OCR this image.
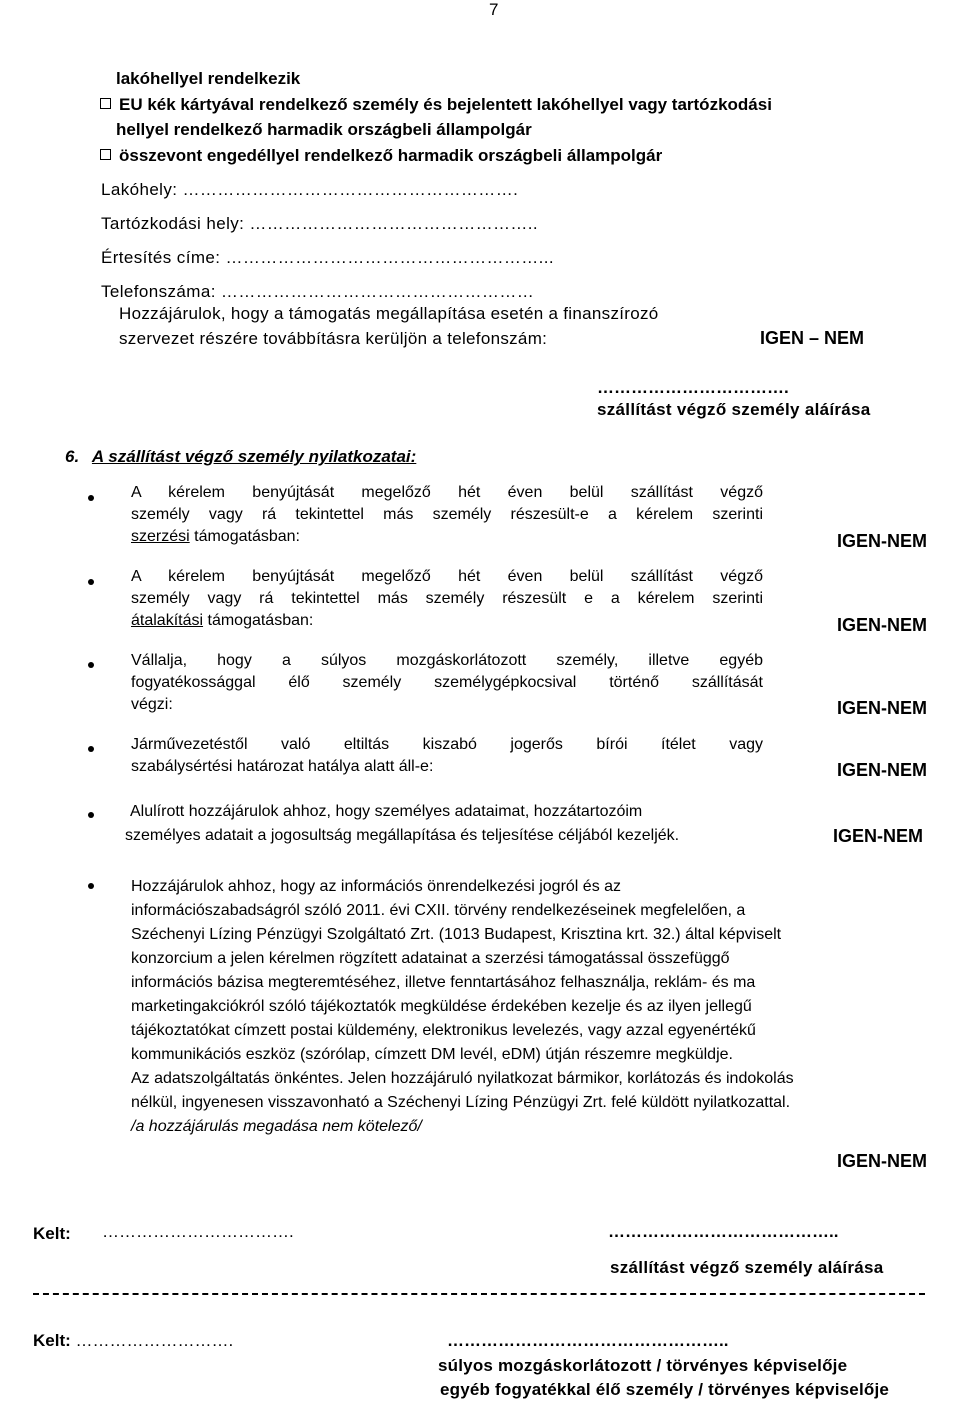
7
lakóhellyel rendelkezik
EU kék kártyával rendelkező személy és bejelentett lakóhellyel vagy tartózkodási
hellyel rendelkező harmadik országbeli állampolgár
összevont engedéllyel rendelkező harmadik országbeli állampolgár
Lakóhely: ………………………………………………….
Tartózkodási hely: …………………………………………..
Értesítés címe: ………………………………………………...
Telefonszáma: ………………………………………………
Hozzájárulok, hogy a támogatás megállapítása esetén a finanszírozó
szervezet részére továbbításra kerüljön a telefonszám:	IGEN – NEM
…………………………….
szállítást végző személy aláírása
6. A szállítást végző személy nyilatkozatai:
A kérelem benyújtását megelőző hét éven belül szállítást végző
személy vagy rá tekintettel más személy részesült-e a kérelem szerinti
szerzési támogatásban:	IGEN-NEM
A kérelem benyújtását megelőző hét éven belül szállítást végző
személy vagy rá tekintettel más személy részesült e a kérelem szerinti
átalakítási támogatásban:	IGEN-NEM
Vállalja, hogy a súlyos mozgáskorlátozott személy, illetve egyéb
fogyatékossággal élő személy személygépkocsival történő szállítását
végzi:	IGEN-NEM
Járművezetéstől való eltiltás kiszabó jogerős bírói ítélet vagy
szabálysértési határozat hatálya alatt áll-e:	IGEN-NEM
Alulírott hozzájárulok ahhoz, hogy személyes adataimat, hozzátartozóim
személyes adatait a jogosultság megállapítása és teljesítése céljából kezeljék.	IGEN-NEM
Hozzájárulok ahhoz, hogy az információs önrendelkezési jogról és az
információszabadságról szóló 2011. évi CXII. törvény rendelkezéseinek megfelelően, a
Széchenyi Lízing Pénzügyi Szolgáltató Zrt. (1013 Budapest, Krisztina krt. 32.) által képviselt
konzorcium a jelen kérelmen rögzített adatainat a szerzési támogatással összefüggő
információs bázisa megteremtéséhez, illetve fenntartásához felhasználja, reklám- és ma
marketingakciókról szóló tájékoztatók megküldése érdekében kezelje és az ilyen jellegű
tájékoztatókat címzett postai küldemény, elektronikus levelezés, vagy azzal egyenértékű
kommunikációs eszköz (szórólap, címzett DM levél, eDM) útján részemre megküldje.
Az adatszolgáltatás önkéntes. Jelen hozzájáruló nyilatkozat bármikor, korlátozás és indokolás
nélkül, ingyenesen visszavonható a Széchenyi Lízing Pénzügyi Zrt. felé küldött nyilatkozattal.
/a hozzájárulás megadása nem kötelező/
IGEN-NEM
Kelt: …………………………….	…………………………………..
szállítást végző személy aláírása
Kelt: ……………………….	…………………………………………..
súlyos mozgáskorlátozott / törvényes képviselője
egyéb fogyatékkal élő személy / törvényes képviselője
